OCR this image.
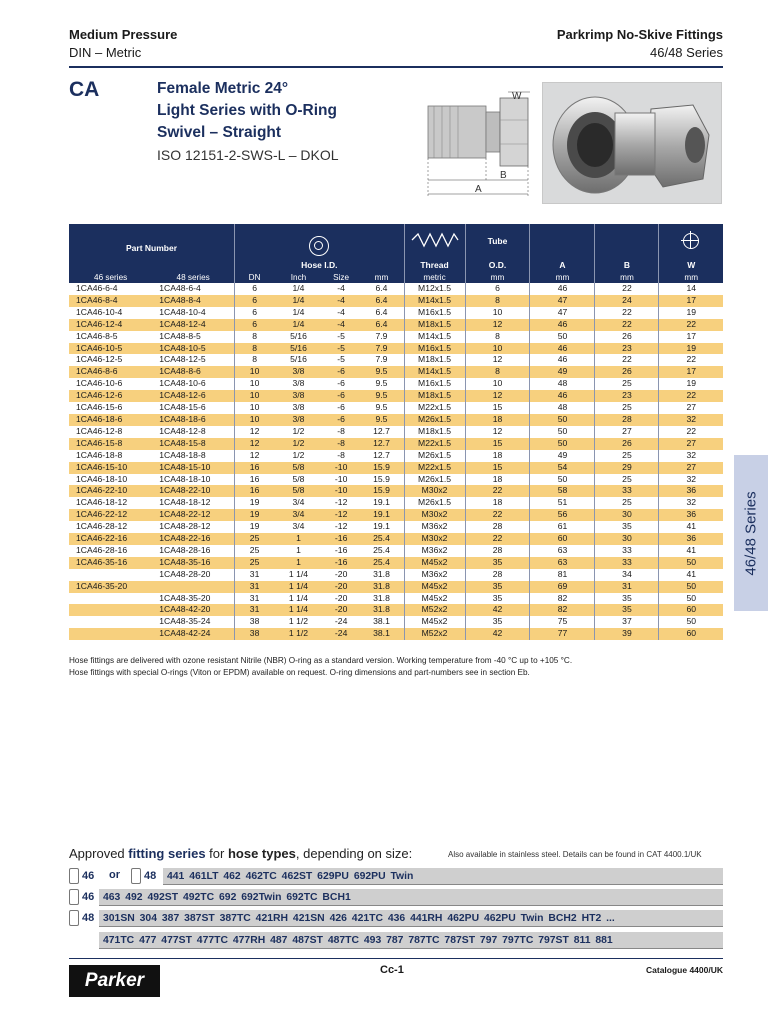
Medium Pressure
DIN – Metric
Parkrimp No-Skive Fittings
46/48 Series
CA	Female Metric 24°
Light Series with O-Ring
Swivel – Straight
ISO 12151-2-SWS-L – DKOL
W
B
A
46/48 Series
Part Number							Tube			

		Hose I.D.				Thread	O.D.	A	B	W
46 series	48 series	DN	Inch	Size	mm	metric	mm	mm	mm	mm
1CA46-6-4	1CA48-6-4	6	1/4	-4	6.4	M12x1.5	6	46	22	14
1CA46-8-4	1CA48-8-4	6	1/4	-4	6.4	M14x1.5	8	47	24	17
1CA46-10-4	1CA48-10-4	6	1/4	-4	6.4	M16x1.5	10	47	22	19
1CA46-12-4	1CA48-12-4	6	1/4	-4	6.4	M18x1.5	12	46	22	22
1CA46-8-5	1CA48-8-5	8	5/16	-5	7.9	M14x1.5	8	50	26	17
1CA46-10-5	1CA48-10-5	8	5/16	-5	7.9	M16x1.5	10	46	23	19
1CA46-12-5	1CA48-12-5	8	5/16	-5	7.9	M18x1.5	12	46	22	22
1CA46-8-6	1CA48-8-6	10	3/8	-6	9.5	M14x1.5	8	49	26	17
1CA46-10-6	1CA48-10-6	10	3/8	-6	9.5	M16x1.5	10	48	25	19
1CA46-12-6	1CA48-12-6	10	3/8	-6	9.5	M18x1.5	12	46	23	22
1CA46-15-6	1CA48-15-6	10	3/8	-6	9.5	M22x1.5	15	48	25	27
1CA46-18-6	1CA48-18-6	10	3/8	-6	9.5	M26x1.5	18	50	28	32
1CA46-12-8	1CA48-12-8	12	1/2	-8	12.7	M18x1.5	12	50	27	22
1CA46-15-8	1CA48-15-8	12	1/2	-8	12.7	M22x1.5	15	50	26	27
1CA46-18-8	1CA48-18-8	12	1/2	-8	12.7	M26x1.5	18	49	25	32
1CA46-15-10	1CA48-15-10	16	5/8	-10	15.9	M22x1.5	15	54	29	27
1CA46-18-10	1CA48-18-10	16	5/8	-10	15.9	M26x1.5	18	50	25	32
1CA46-22-10	1CA48-22-10	16	5/8	-10	15.9	M30x2	22	58	33	36
1CA46-18-12	1CA48-18-12	19	3/4	-12	19.1	M26x1.5	18	51	25	32
1CA46-22-12	1CA48-22-12	19	3/4	-12	19.1	M30x2	22	56	30	36
1CA46-28-12	1CA48-28-12	19	3/4	-12	19.1	M36x2	28	61	35	41
1CA46-22-16	1CA48-22-16	25	1	-16	25.4	M30x2	22	60	30	36
1CA46-28-16	1CA48-28-16	25	1	-16	25.4	M36x2	28	63	33	41
1CA46-35-16	1CA48-35-16	25	1	-16	25.4	M45x2	35	63	33	50
	1CA48-28-20	31	1 1/4	-20	31.8	M36x2	28	81	34	41
1CA46-35-20		31	1 1/4	-20	31.8	M45x2	35	69	31	50
	1CA48-35-20	31	1 1/4	-20	31.8	M45x2	35	82	35	50
	1CA48-42-20	31	1 1/4	-20	31.8	M52x2	42	82	35	60
	1CA48-35-24	38	1 1/2	-24	38.1	M45x2	35	75	37	50
	1CA48-42-24	38	1 1/2	-24	38.1	M52x2	42	77	39	60
Hose fittings are delivered with ozone resistant Nitrile (NBR) O-ring as a standard version. Working temperature from -40 °C up to +105 °C.
Hose fittings with special O-rings (Viton or EPDM) available on request. O-ring dimensions and part-numbers see in section Eb.
Approved fitting series for hose types, depending on size:	Also available in stainless steel. Details can be found in CAT 4400.1/UK
46 or 48	441 461LT 462 462TC 462ST 629PU 692PU Twin
46 463 492 492ST 492TC 692 692Twin 692TC BCH1
48 301SN 304 387 387ST 387TC 421RH 421SN 426 421TC 436 441RH 462PU 462PU Twin BCH2 HT2 ...
471TC 477 477ST 477TC 477RH 487 487ST 487TC 493 787 787TC 787ST 797 797TC 797ST 811 881
Parker	Cc-1	Catalogue 4400/UK
